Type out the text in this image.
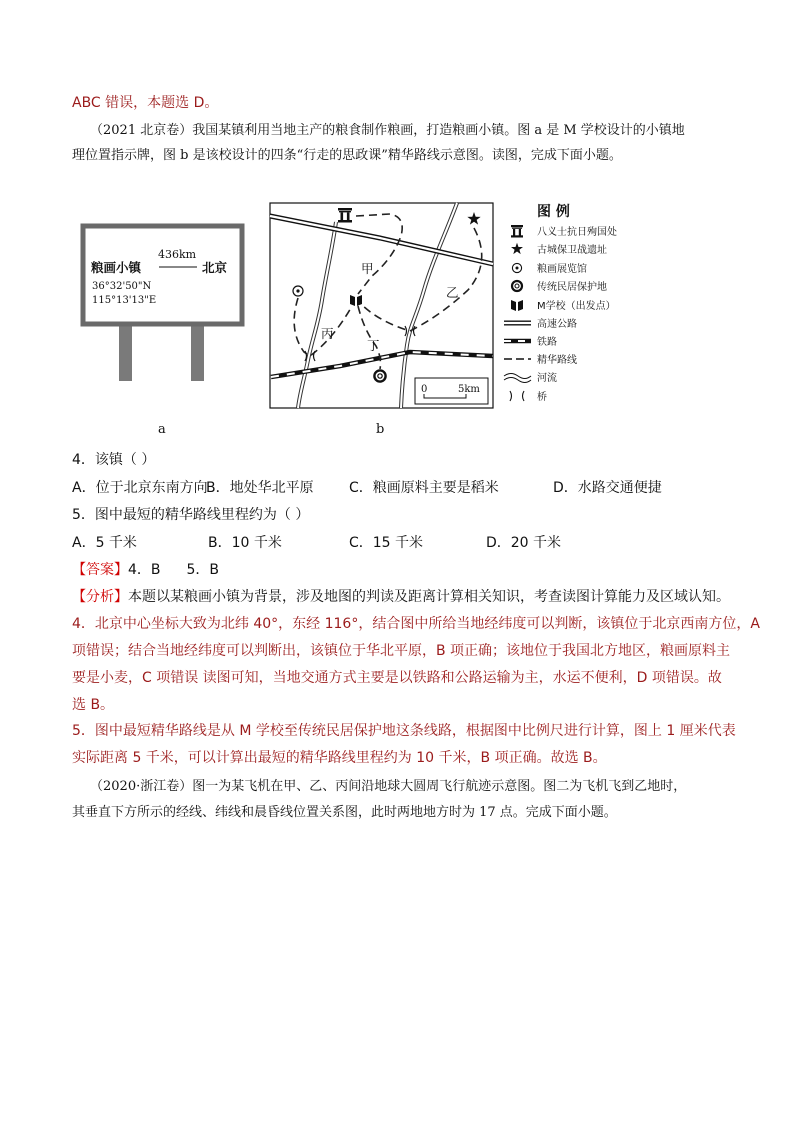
ABC 错误，本题选 D。
（2021 北京卷）我国某镇利用当地主产的粮食制作粮画，打造粮画小镇。图 a 是 M 学校设计的小镇地
理位置指示牌，图 b 是该校设计的四条“行走的思政课”精华路线示意图。读图，完成下面小题。
436km
粮画小镇	北京
36°32'50"N
115°13'13"E
a
甲
乙
丙
丁
0	5km
b
图 例
八义士抗日殉国处
古城保卫战遗址
粮画展览馆
传统民居保护地
M学校（出发点）
高速公路
铁路
精华路线
河流
桥
4．该镇（ ）
A．位于北京东南方向
B．地处华北平原	C．粮画原料主要是稻米	D．水路交通便捷
5．图中最短的精华路线里程约为（ ）
A．5 千米	B．10 千米	C．15 千米	D．20 千米
【答案】4．B 5．B
【分析】本题以某粮画小镇为背景，涉及地图的判读及距离计算相关知识，考查读图计算能力及区域认知。
4．北京中心坐标大致为北纬 40°，东经 116°，结合图中所给当地经纬度可以判断，该镇位于北京西南方位，A
项错误；结合当地经纬度可以判断出，该镇位于华北平原，B 项正确；该地位于我国北方地区，粮画原料主
要是小麦，C 项错误 读图可知，当地交通方式主要是以铁路和公路运输为主，水运不便利，D 项错误。故
选 B。
5．图中最短精华路线是从 M 学校至传统民居保护地这条线路，根据图中比例尺进行计算，图上 1 厘米代表
实际距离 5 千米，可以计算出最短的精华路线里程约为 10 千米，B 项正确。故选 B。
（2020·浙江卷）图一为某飞机在甲、乙、丙间沿地球大圆周飞行航迹示意图。图二为飞机飞到乙地时，
其垂直下方所示的经线、纬线和晨昏线位置关系图，此时两地地方时为 17 点。完成下面小题。
